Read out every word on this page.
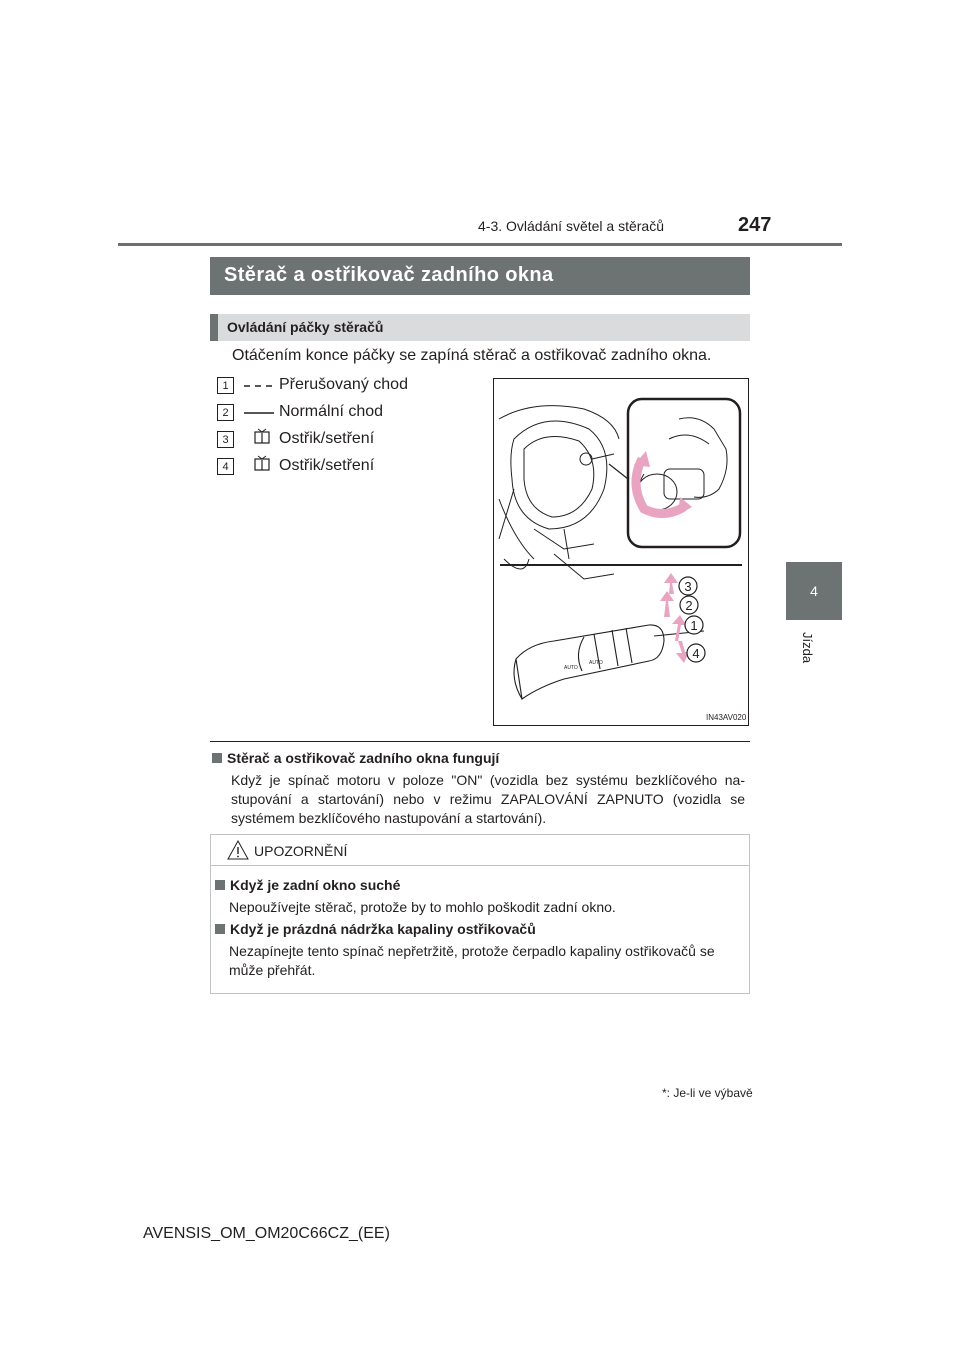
4-3. Ovládání světel a stěračů	247
4
Jízda
Stěrač a ostřikovač zadního okna	*
Ovládání páčky stěračů
Otáčením konce páčky se zapíná stěrač a ostřikovač zadního okna.
1	Přerušovaný chod
2	Normální chod
3	Ostřik/setření
4	Ostřik/setření
AUTO
AUTO
3
2
1
4
IN43AV020
Stěrač a ostřikovač zadního okna fungují
Když je spínač motoru v poloze "ON" (vozidla bez systému bezklíčového na-stupování a startování) nebo v režimu ZAPALOVÁNÍ ZAPNUTO (vozidla se systémem bezklíčového nastupování a startování).
UPOZORNĚNÍ
Když je zadní okno suché
Nepoužívejte stěrač, protože by to mohlo poškodit zadní okno.
Když je prázdná nádržka kapaliny ostřikovačů
Nezapínejte tento spínač nepřetržitě, protože čerpadlo kapaliny ostřikovačů se může přehřát.
*: Je-li ve výbavě
AVENSIS_OM_OM20C66CZ_(EE)
